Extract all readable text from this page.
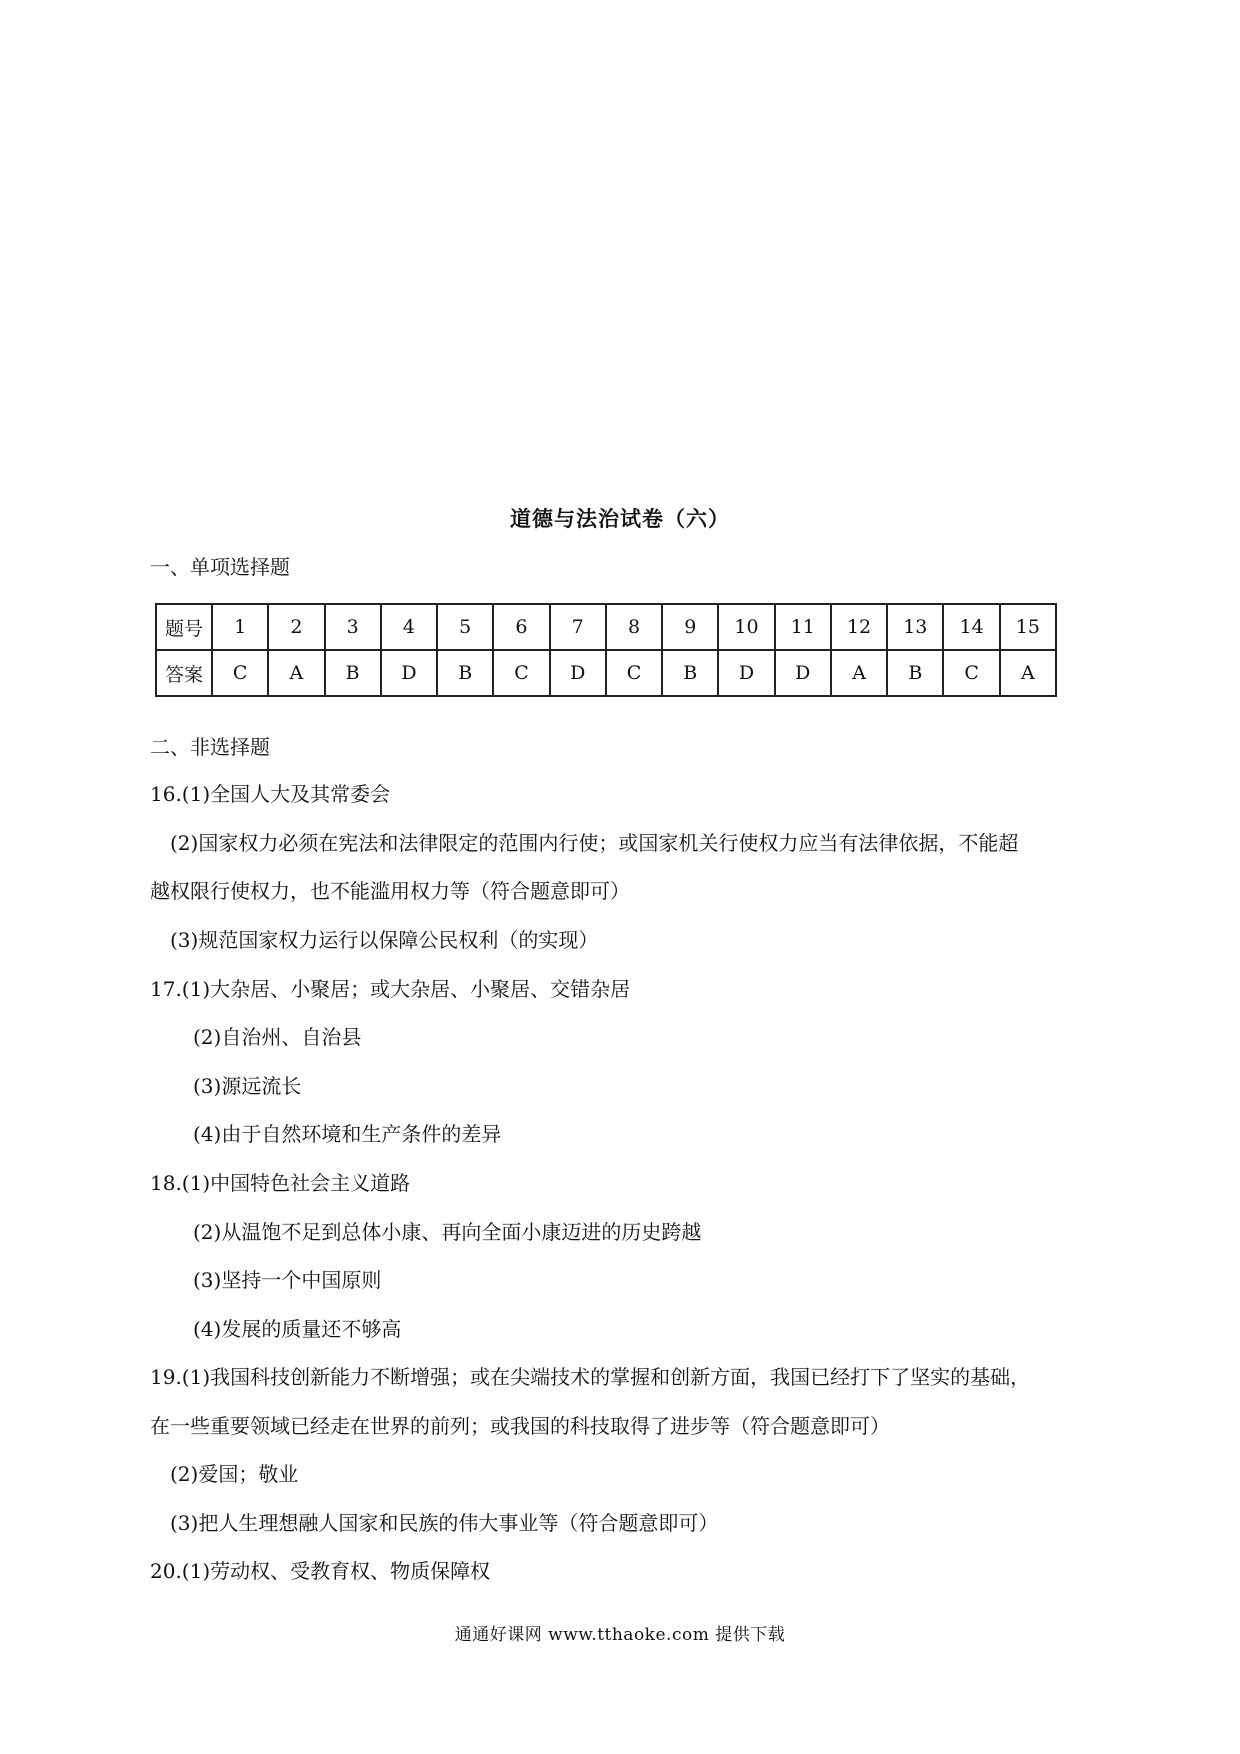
道德与法治试卷（六）
一、单项选择题
题号	1	2	3	4	5	6	7	8	9	10	11	12	13	14	15
答案	C	A	B	D	B	C	D	C	B	D	D	A	B	C	A
二、非选择题
16.(1)全国人大及其常委会
(2)国家权力必须在宪法和法律限定的范围内行使；或国家机关行使权力应当有法律依据，不能超
越权限行使权力，也不能滥用权力等（符合题意即可）
(3)规范国家权力运行以保障公民权利（的实现）
17.(1)大杂居、小聚居；或大杂居、小聚居、交错杂居
(2)自治州、自治县
(3)源远流长
(4)由于自然环境和生产条件的差异
18.(1)中国特色社会主义道路
(2)从温饱不足到总体小康、再向全面小康迈进的历史跨越
(3)坚持一个中国原则
(4)发展的质量还不够高
19.(1)我国科技创新能力不断增强；或在尖端技术的掌握和创新方面，我国已经打下了坚实的基础，
在一些重要领域已经走在世界的前列；或我国的科技取得了进步等（符合题意即可）
(2)爱国；敬业
(3)把人生理想融人国家和民族的伟大事业等（符合题意即可）
20.(1)劳动权、受教育权、物质保障权
通通好课网 www.tthaoke.com 提供下载
